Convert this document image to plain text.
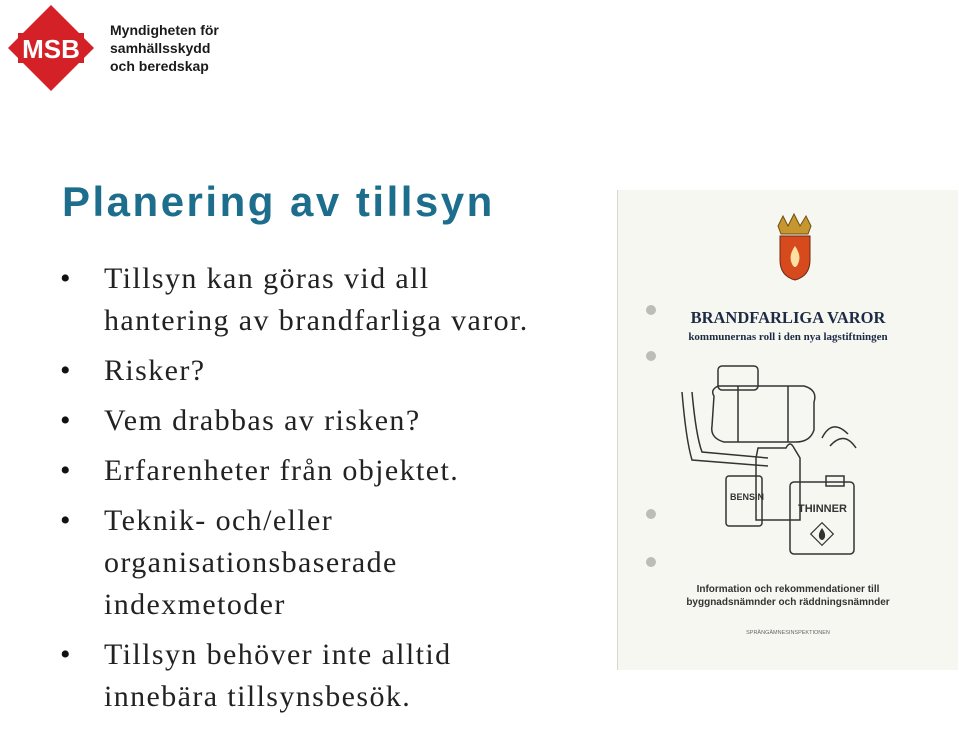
MSB
Myndigheten för
samhällsskydd
och beredskap
Planering av tillsyn
• Tillsyn kan göras vid all hantering av brandfarliga varor.
• Risker?
• Vem drabbas av risken?
• Erfarenheter från objektet.
• Teknik- och/eller organisationsbaserade indexmetoder
• Tillsyn behöver inte alltid innebära tillsynsbesök.
BENSIN
THINNER
BRANDFARLIGA VAROR
kommunernas roll i den nya lagstiftningen
Information och rekommendationer till
byggnadsnämnder och räddningsnämnder
SPRÄNGÄMNESINSPEKTIONEN
